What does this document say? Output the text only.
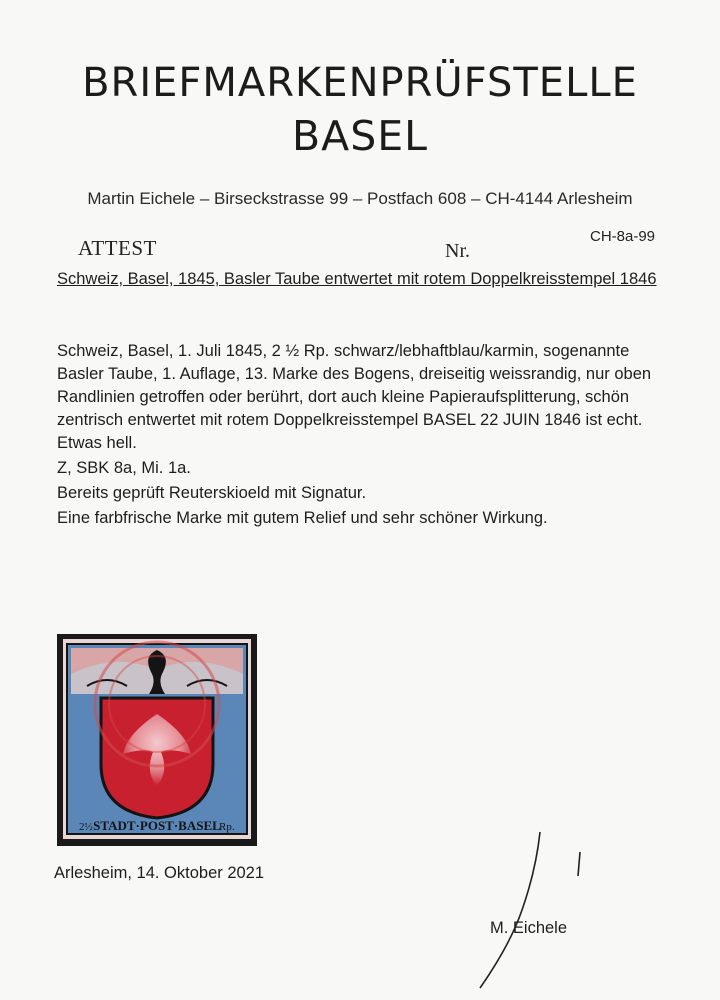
BRIEFMARKENPRÜFSTELLE
BASEL
Martin Eichele – Birseckstrasse 99 – Postfach 608 – CH-4144 Arlesheim
ATTEST	Nr.
CH-8a-99
Schweiz, Basel, 1845, Basler Taube entwertet mit rotem Doppelkreisstempel 1846

Schweiz, Basel, 1. Juli 1845, 2 ½ Rp. schwarz/lebhaftblau/karmin, sogenannte Basler Taube, 1. Auflage, 13. Marke des Bogens, dreiseitig weissrandig, nur oben Randlinien getroffen oder berührt, dort auch kleine Papieraufsplitterung, schön zentrisch entwertet mit rotem Doppelkreisstempel BASEL 22 JUIN 1846 ist echt. Etwas hell.

Z, SBK 8a, Mi. 1a.

Bereits geprüft Reuterskioeld mit Signatur.

Eine farbfrische Marke mit gutem Relief und sehr schöner Wirkung.

STADT·POST·BASEL
2½	Rp.
Arlesheim, 14. Oktober 2021
M. Eichele
